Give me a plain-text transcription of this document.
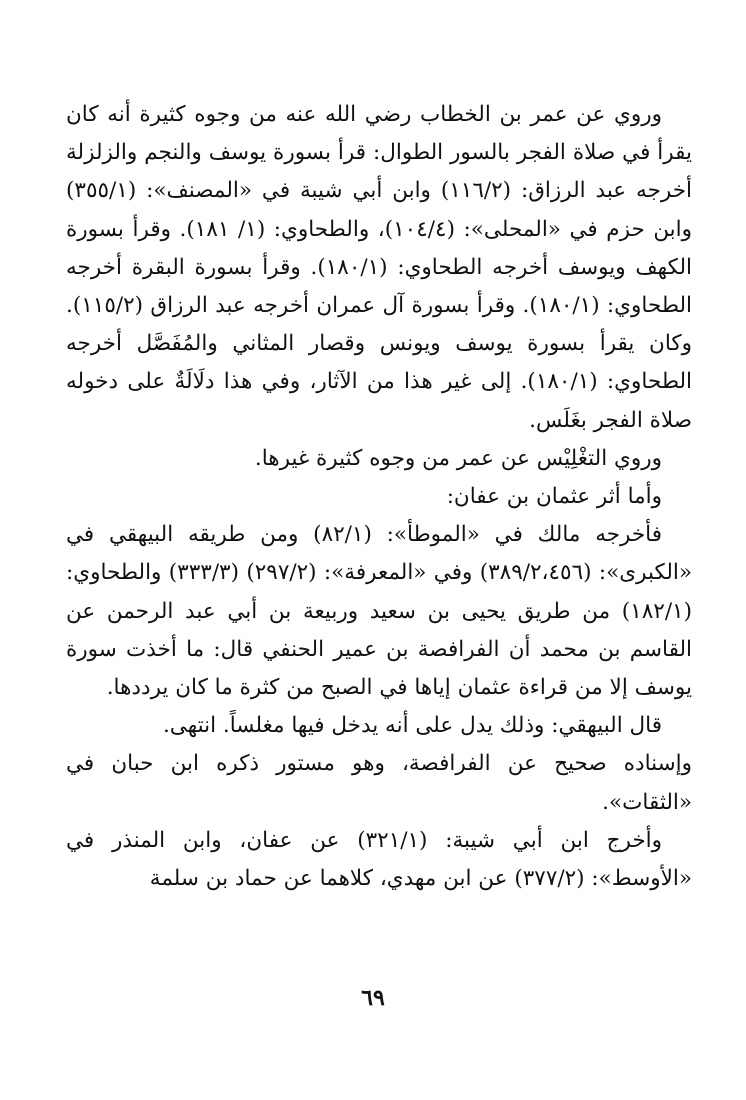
وروي عن عمر بن الخطاب رضي الله عنه من وجوه كثيرة أنه كان يقرأ في صلاة الفجر بالسور الطوال: قرأ بسورة يوسف والنجم والزلزلة أخرجه عبد الرزاق: (١١٦/٢) وابن أبي شيبة في «المصنف»: (٣٥٥/١) وابن حزم في «المحلى»: (١٠٤/٤)، والطحاوي: (١/ ١٨١). وقرأ بسورة الكهف ويوسف أخرجه الطحاوي: (١٨٠/١). وقرأ بسورة البقرة أخرجه الطحاوي: (١٨٠/١). وقرأ بسورة آل عمران أخرجه عبد الرزاق (١١٥/٢). وكان يقرأ بسورة يوسف ويونس وقصار المثاني والمُفَصَّل أخرجه الطحاوي: (١٨٠/١). إلى غير هذا من الآثار، وفي هذا دلَالَةٌ على دخوله صلاة الفجر بغَلَس.

وروي التغْلِيْس عن عمر من وجوه كثيرة غيرها.

وأما أثر عثمان بن عفان:

فأخرجه مالك في «الموطأ»: (٨٢/١) ومن طريقه البيهقي في «الكبرى»: (٣٨٩/٢،٤٥٦) وفي «المعرفة»: (٢٩٧/٢) (٣٣٣/٣) والطحاوي: (١٨٢/١) من طريق يحيى بن سعيد وربيعة بن أبي عبد الرحمن عن القاسم بن محمد أن الفرافصة بن عمير الحنفي قال: ما أخذت سورة يوسف إلا من قراءة عثمان إياها في الصبح من كثرة ما كان يرددها.

قال البيهقي: وذلك يدل على أنه يدخل فيها مغلساً. انتهى.

وإسناده صحيح عن الفرافصة، وهو مستور ذكره ابن حبان في «الثقات».

وأخرج ابن أبي شيبة: (٣٢١/١) عن عفان، وابن المنذر في «الأوسط»: (٣٧٧/٢) عن ابن مهدي، كلاهما عن حماد بن سلمة

٦٩
